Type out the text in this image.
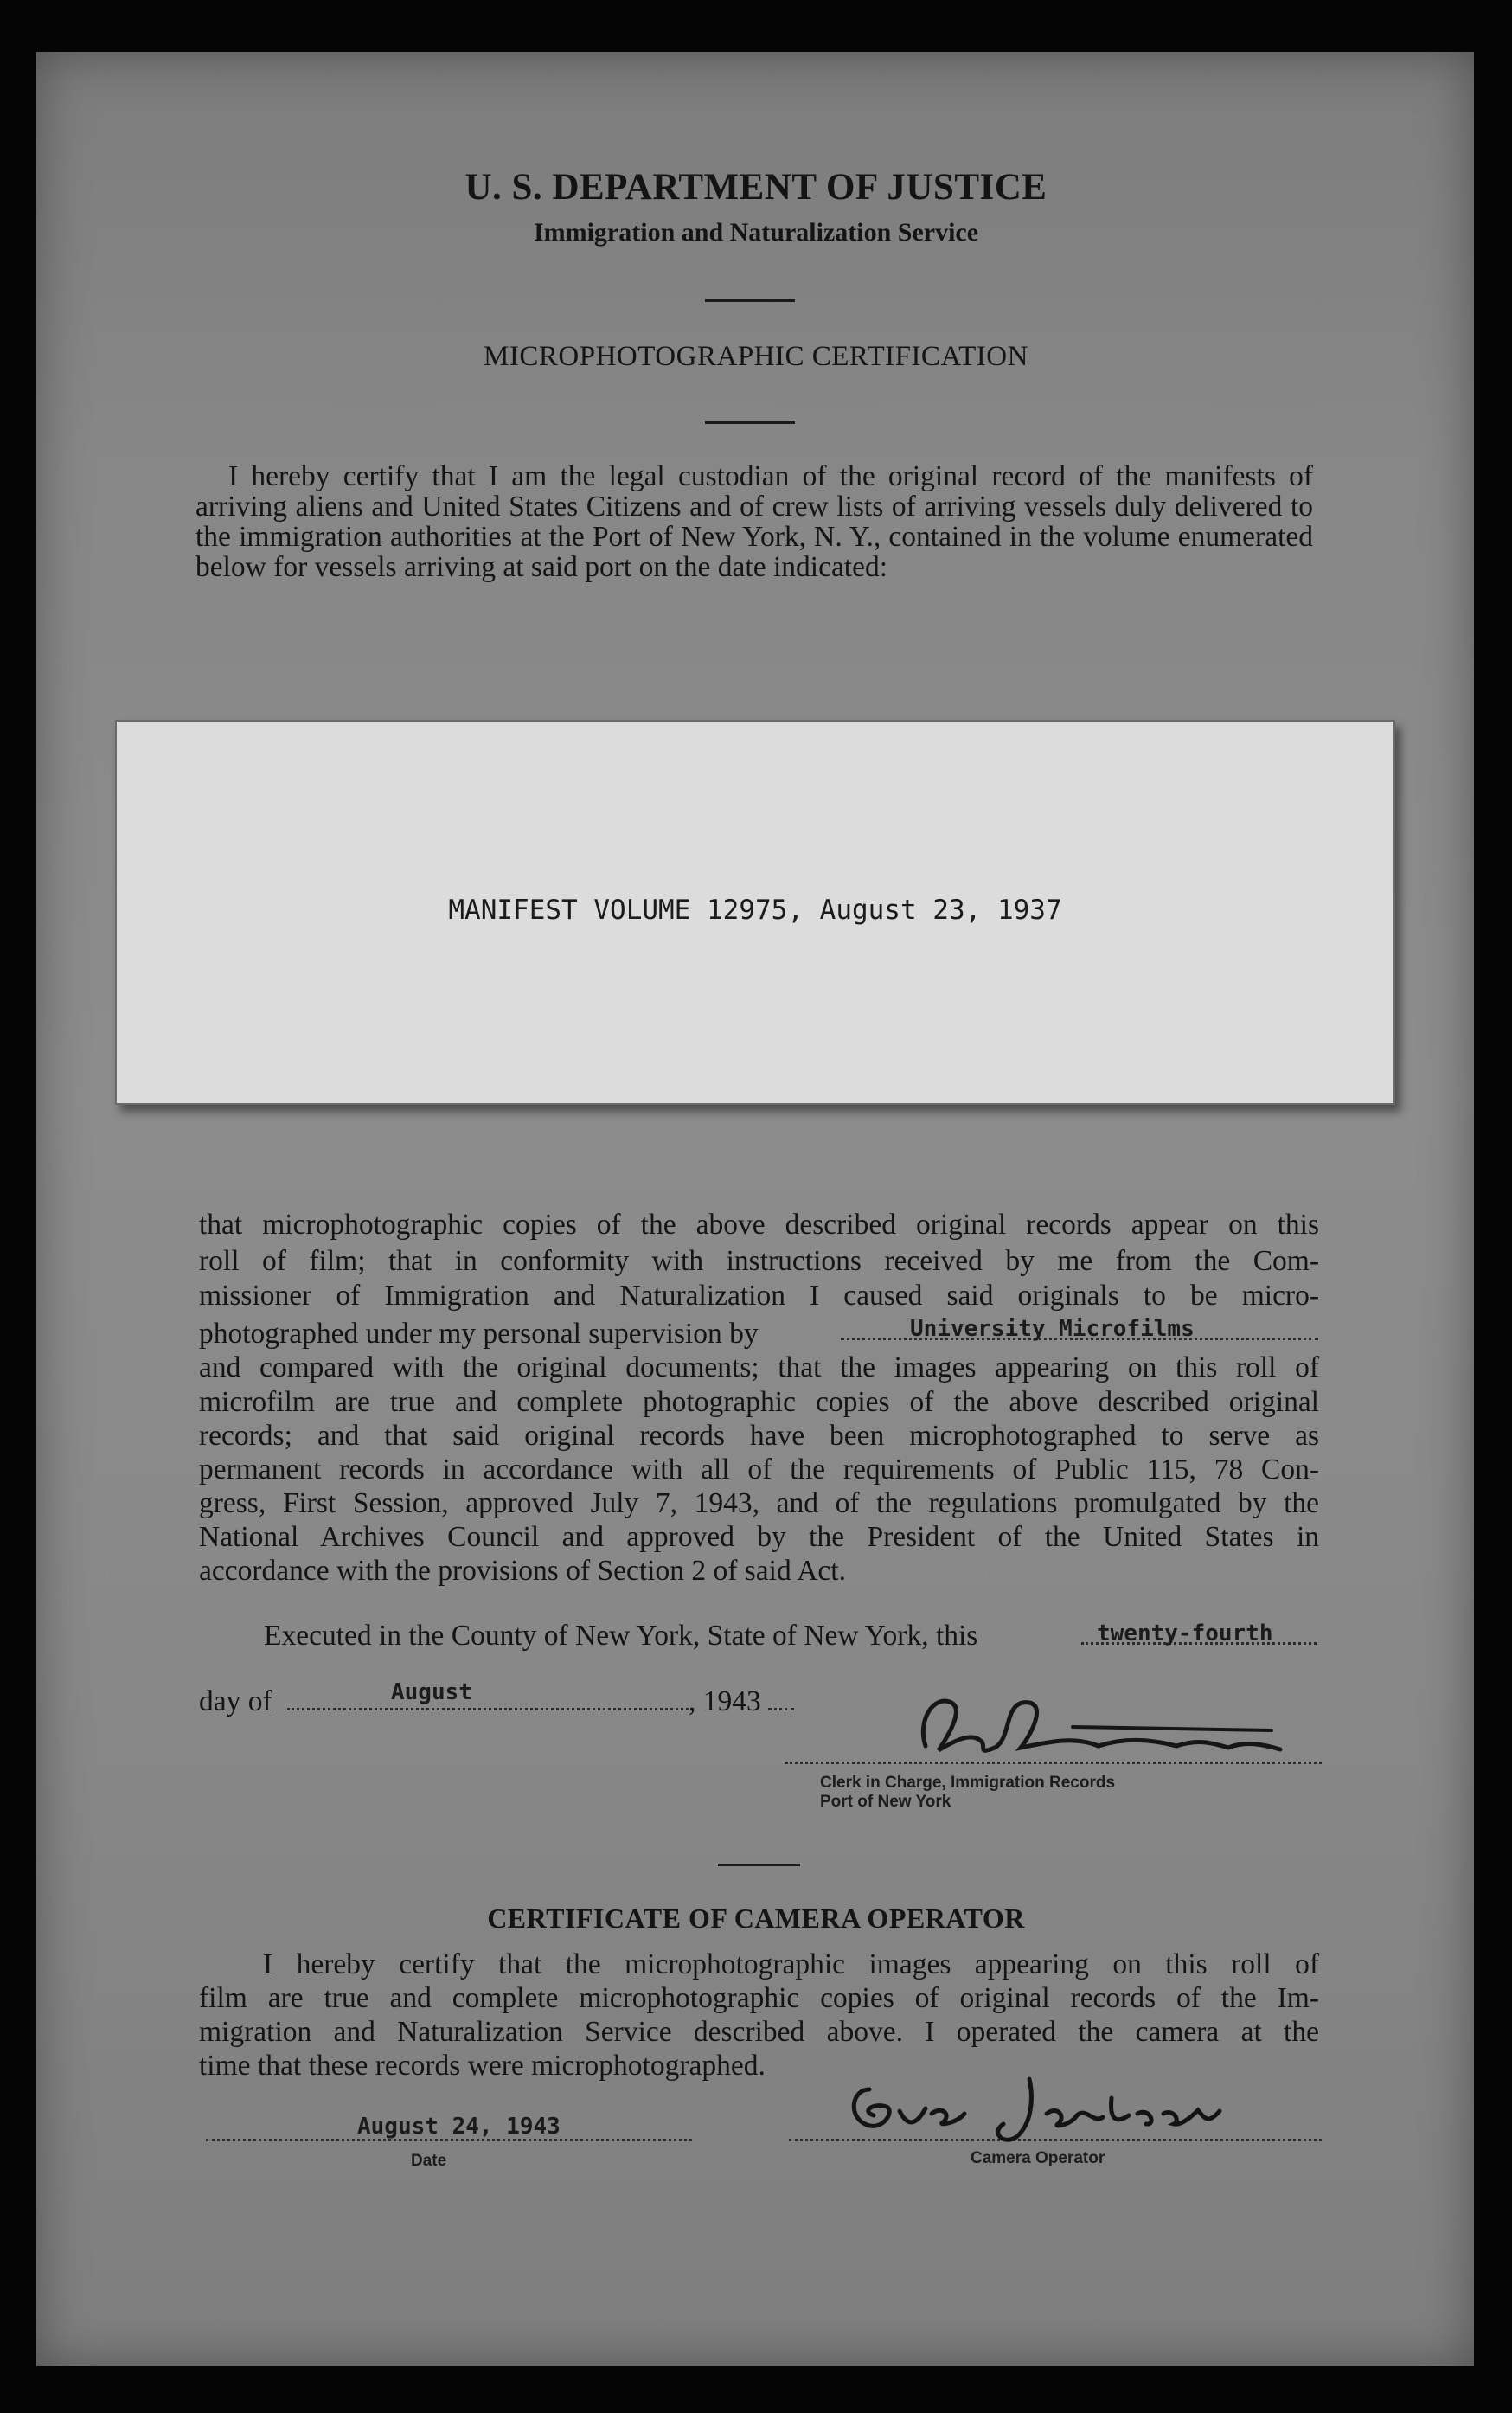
U. S. DEPARTMENT OF JUSTICE
Immigration and Naturalization Service
MICROPHOTOGRAPHIC CERTIFICATION
I hereby certify that I am the legal custodian of the original record of the manifests of arriving aliens and United States Citizens and of crew lists of arriving vessels duly delivered to the immigration authorities at the Port of New York, N. Y., contained in the volume enumerated below for vessels arriving at said port on the date indicated:
MANIFEST VOLUME 12975, August 23, 1937
that microphotographic copies of the above described original records appear on this
roll of film; that in conformity with instructions received by me from the Com-
missioner of Immigration and Naturalization I caused said originals to be micro-
photographed under my personal supervision by	University Microfilms
and compared with the original documents; that the images appearing on this roll of
microfilm are true and complete photographic copies of the above described original
records; and that said original records have been microphotographed to serve as
permanent records in accordance with all of the requirements of Public 115, 78 Con-
gress, First Session, approved July 7, 1943, and of the regulations promulgated by the
National Archives Council and approved by the President of the United States in
accordance with the provisions of Section 2 of said Act.
Executed in the County of New York, State of New York, this	twenty-fourth
day of	August	, 1943
Clerk in Charge, Immigration Records
Port of New York
CERTIFICATE OF CAMERA OPERATOR
I hereby certify that the microphotographic images appearing on this roll of
film are true and complete microphotographic copies of original records of the Im-
migration and Naturalization Service described above. I operated the camera at the
time that these records were microphotographed.
August 24, 1943
Date	Camera Operator
